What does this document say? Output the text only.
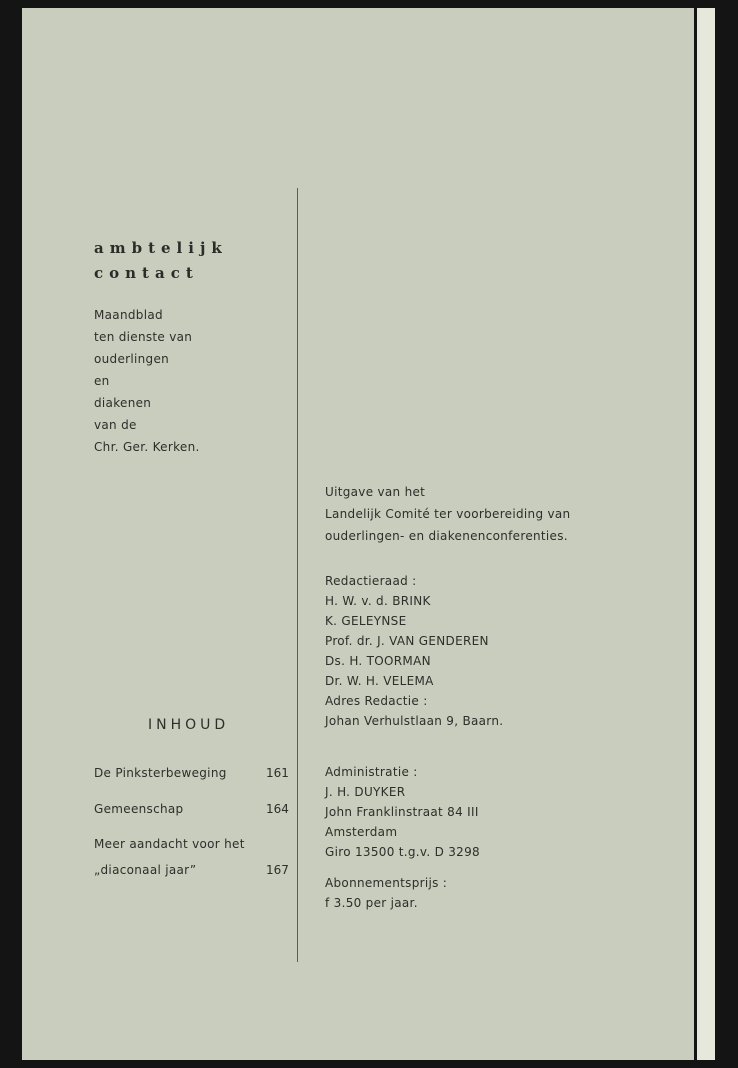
ambtelijk
contact
Maandblad
ten dienste van
ouderlingen
en
diakenen
van de
Chr. Ger. Kerken.
Uitgave van het
Landelijk Comité ter voorbereiding van
ouderlingen- en diakenenconferenties.
Redactieraad :
H. W. v. d. BRINK
K. GELEYNSE
Prof. dr. J. VAN GENDEREN
Ds. H. TOORMAN
Dr. W. H. VELEMA
Adres Redactie :
Johan Verhulstlaan 9, Baarn.
Administratie :
J. H. DUYKER
John Franklinstraat 84 III
Amsterdam
Giro 13500 t.g.v. D 3298
Abonnementsprijs :
f 3.50 per jaar.
INHOUD
De Pinksterbeweging	161
Gemeenschap	164
Meer aandacht voor het
„diaconaal jaar”	167
